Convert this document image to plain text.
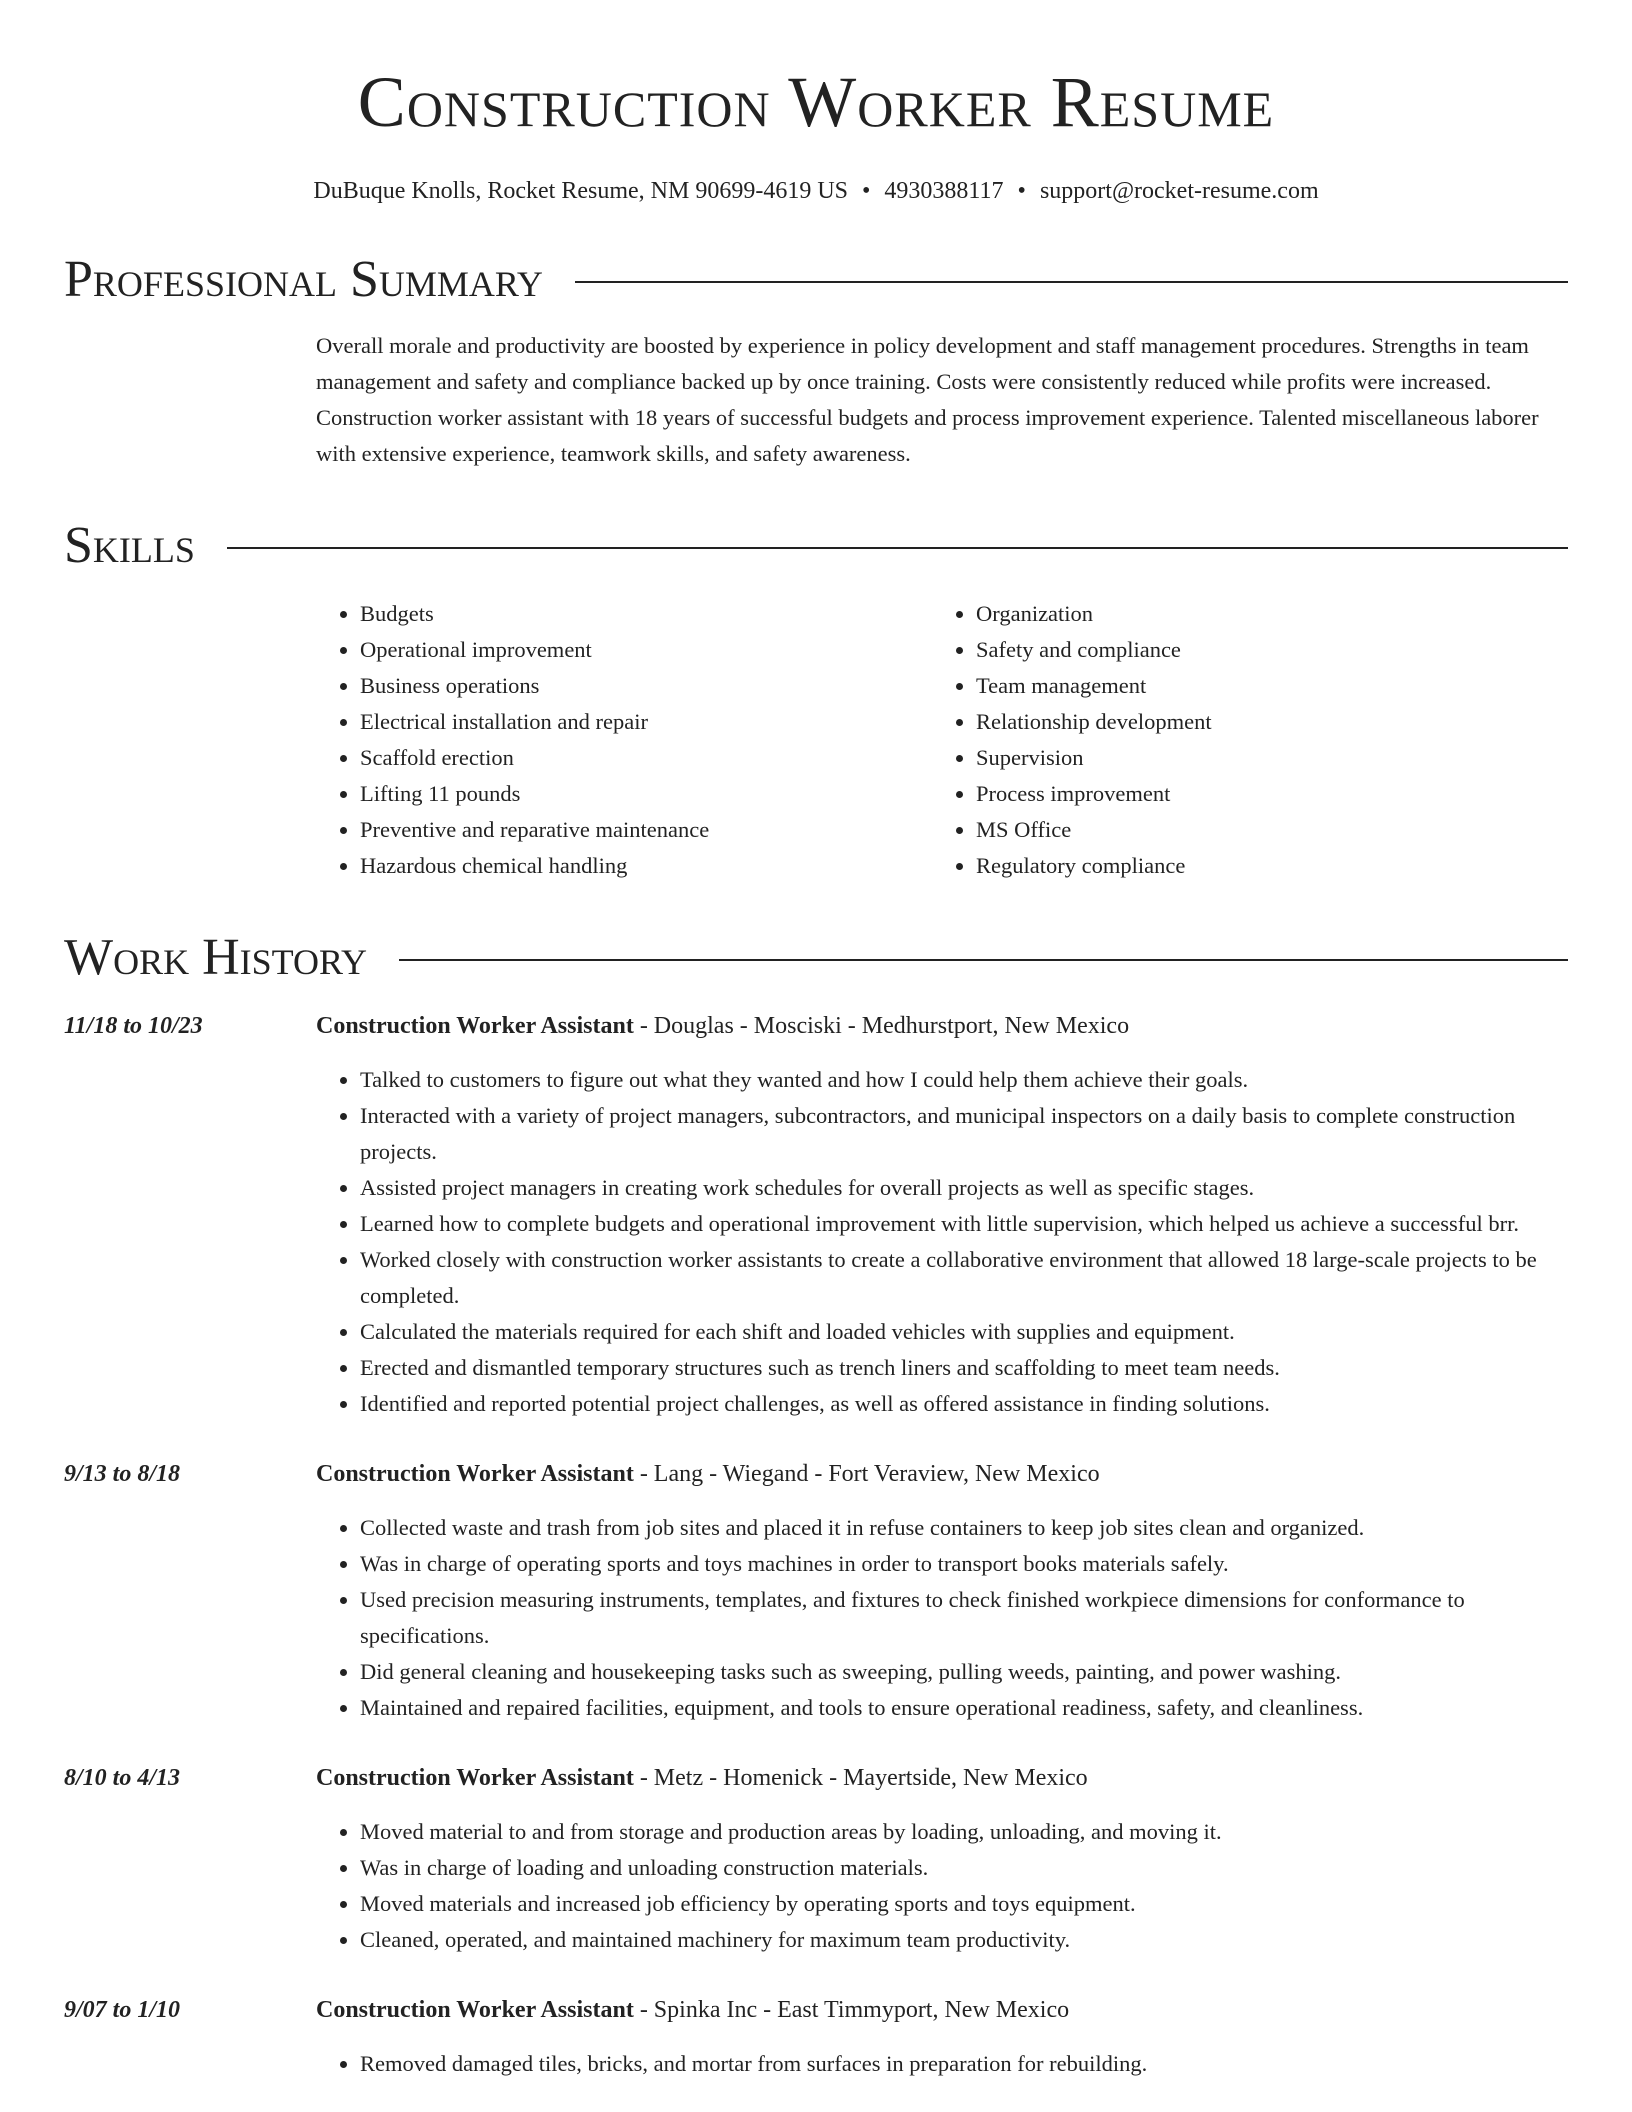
Construction Worker Resume
DuBuque Knolls, Rocket Resume, NM 90699-4619 US • 4930388117 • support@rocket-resume.com
Professional Summary
Overall morale and productivity are boosted by experience in policy development and staff management procedures. Strengths in team management and safety and compliance backed up by once training. Costs were consistently reduced while profits were increased. Construction worker assistant with 18 years of successful budgets and process improvement experience. Talented miscellaneous laborer with extensive experience, teamwork skills, and safety awareness.
Skills
• Budgets
• Operational improvement
• Business operations
• Electrical installation and repair
• Scaffold erection
• Lifting 11 pounds
• Preventive and reparative maintenance
• Hazardous chemical handling
• Organization
• Safety and compliance
• Team management
• Relationship development
• Supervision
• Process improvement
• MS Office
• Regulatory compliance
Work History
11/18 to 10/23	Construction Worker Assistant - Douglas - Mosciski - Medhurstport, New Mexico
• Talked to customers to figure out what they wanted and how I could help them achieve their goals.
• Interacted with a variety of project managers, subcontractors, and municipal inspectors on a daily basis to complete construction projects.
• Assisted project managers in creating work schedules for overall projects as well as specific stages.
• Learned how to complete budgets and operational improvement with little supervision, which helped us achieve a successful brr.
• Worked closely with construction worker assistants to create a collaborative environment that allowed 18 large-scale projects to be completed.
• Calculated the materials required for each shift and loaded vehicles with supplies and equipment.
• Erected and dismantled temporary structures such as trench liners and scaffolding to meet team needs.
• Identified and reported potential project challenges, as well as offered assistance in finding solutions.
9/13 to 8/18	Construction Worker Assistant - Lang - Wiegand - Fort Veraview, New Mexico
• Collected waste and trash from job sites and placed it in refuse containers to keep job sites clean and organized.
• Was in charge of operating sports and toys machines in order to transport books materials safely.
• Used precision measuring instruments, templates, and fixtures to check finished workpiece dimensions for conformance to specifications.
• Did general cleaning and housekeeping tasks such as sweeping, pulling weeds, painting, and power washing.
• Maintained and repaired facilities, equipment, and tools to ensure operational readiness, safety, and cleanliness.
8/10 to 4/13	Construction Worker Assistant - Metz - Homenick - Mayertside, New Mexico
• Moved material to and from storage and production areas by loading, unloading, and moving it.
• Was in charge of loading and unloading construction materials.
• Moved materials and increased job efficiency by operating sports and toys equipment.
• Cleaned, operated, and maintained machinery for maximum team productivity.
9/07 to 1/10	Construction Worker Assistant - Spinka Inc - East Timmyport, New Mexico
• Removed damaged tiles, bricks, and mortar from surfaces in preparation for rebuilding.
